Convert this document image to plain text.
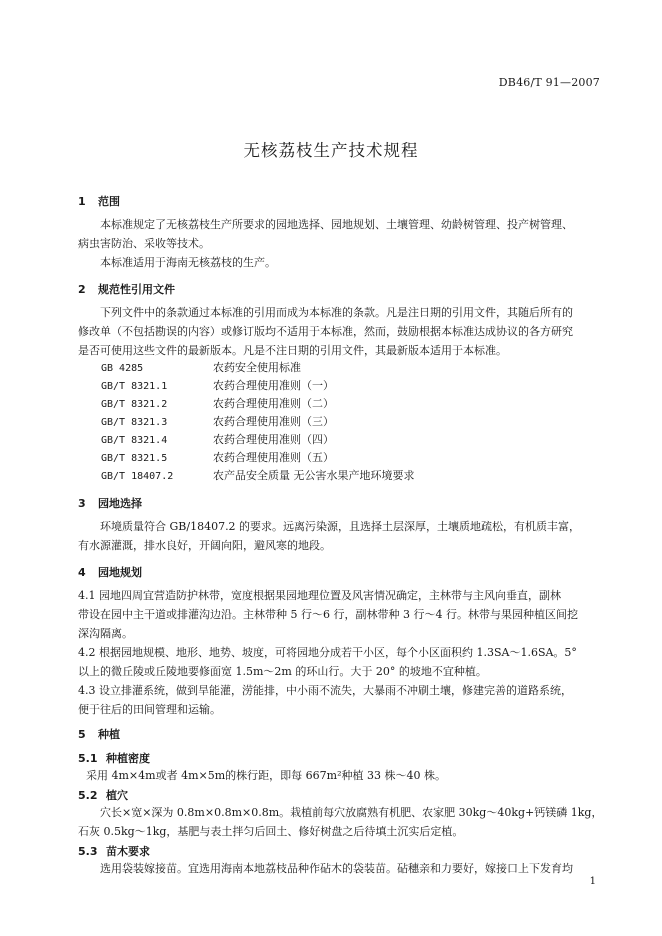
DB46/T 91—2007
无核荔枝生产技术规程
1 范围
本标准规定了无核荔枝生产所要求的园地选择、园地规划、土壤管理、幼龄树管理、投产树管理、
病虫害防治、采收等技术。
本标准适用于海南无核荔枝的生产。
2 规范性引用文件
下列文件中的条款通过本标准的引用而成为本标准的条款。凡是注日期的引用文件，其随后所有的
修改单（不包括勘误的内容）或修订版均不适用于本标准，然而，鼓励根据本标准达成协议的各方研究
是否可使用这些文件的最新版本。凡是不注日期的引用文件，其最新版本适用于本标准。
GB 4285	农药安全使用标准
GB/T 8321.1	农药合理使用准则（一）
GB/T 8321.2	农药合理使用准则（二）
GB/T 8321.3	农药合理使用准则（三）
GB/T 8321.4	农药合理使用准则（四）
GB/T 8321.5	农药合理使用准则（五）
GB/T 18407.2	农产品安全质量 无公害水果产地环境要求
3 园地选择
环境质量符合 GB/18407.2 的要求。远离污染源，且选择土层深厚，土壤质地疏松，有机质丰富，
有水源灌溉，排水良好，开阔向阳，避风寒的地段。
4 园地规划
4.1 园地四周宜营造防护林带，宽度根据果园地理位置及风害情况确定，主林带与主风向垂直，副林
带设在园中主干道或排灌沟边沿。主林带种 5 行～6 行，副林带种 3 行～4 行。林带与果园种植区间挖
深沟隔离。
4.2 根据园地规模、地形、地势、坡度，可将园地分成若干小区，每个小区面积约 1.3SA～1.6SA。5°
以上的微丘陵或丘陵地要修面宽 1.5m～2m 的环山行。大于 20° 的坡地不宜种植。
4.3 设立排灌系统，做到旱能灌，涝能排，中小雨不流失，大暴雨不冲刷土壤，修建完善的道路系统，
便于往后的田间管理和运输。
5 种植
5.1 种植密度
采用 4m×4m或者 4m×5m的株行距，即每 667m²种植 33 株～40 株。
5.2 植穴
穴长×宽×深为 0.8m×0.8m×0.8m。栽植前每穴放腐熟有机肥、农家肥 30kg～40kg+钙镁磷 1kg，
石灰 0.5kg～1kg，基肥与表土拌匀后回土、修好树盘之后待填土沉实后定植。
5.3 苗木要求
选用袋装嫁接苗。宜选用海南本地荔枝品种作砧木的袋装苗。砧穗亲和力要好，嫁接口上下发育均
1
